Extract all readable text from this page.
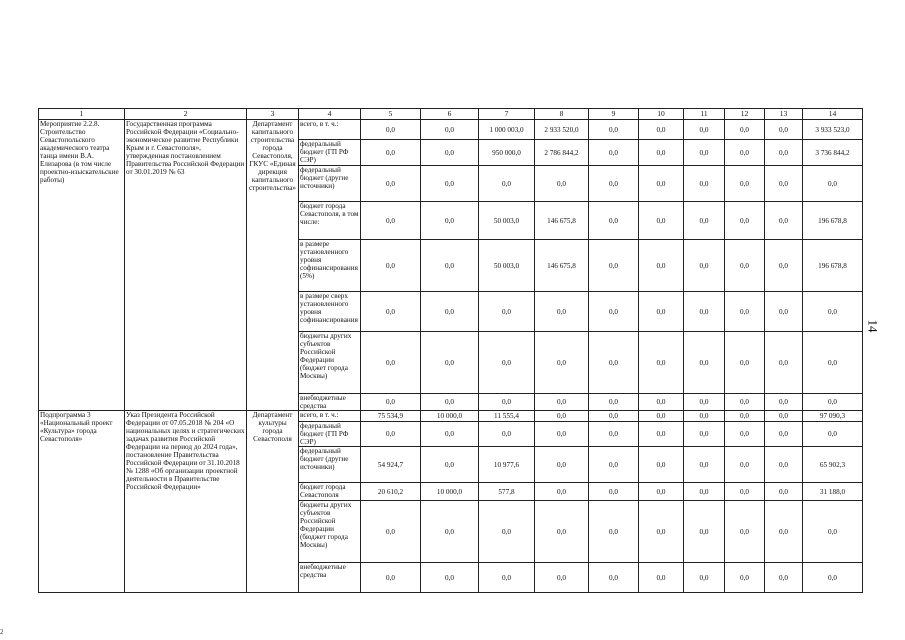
1	2	3	4	5	6	7	8	9	10	11	12	13	14
Мероприятие 2.2.8. Строительство Севастопольского академического театра танца имени В.А. Елизарова (в том числе проектно-изыскательские работы)	Государственная программа Российской Федерации «Социально-экономическое развитие Республики Крым и г. Севастополя», утвержденная постановлением Правительства Российской Федерации от 30.01.2019 № 63	Департамент капитального строительства города Севастополя, ГКУС «Единая дирекция капитального строительства»	всего, в т. ч.:	0,0	0,0	1 000 003,0	2 933 520,0	0,0	0,0	0,0	0,0	0,0	3 933 523,0
			федеральный бюджет (ГП РФ СЭР)	0,0	0,0	950 000,0	2 786 844,2	0,0	0,0	0,0	0,0	0,0	3 736 844,2
			федеральный бюджет (другие источники)	0,0	0,0	0,0	0,0	0,0	0,0	0,0	0,0	0,0	0,0
			бюджет города Севастополя, в том числе:	0,0	0,0	50 003,0	146 675,8	0,0	0,0	0,0	0,0	0,0	196 678,8
			в размере установленного уровня софинансирования (5%)	0,0	0,0	50 003,0	146 675,8	0,0	0,0	0,0	0,0	0,0	196 678,8
			в размере сверх установленного уровня софинансирования	0,0	0,0	0,0	0,0	0,0	0,0	0,0	0,0	0,0	0,0
			бюджеты других субъектов Российской Федерации (бюджет города Москвы)	0,0	0,0	0,0	0,0	0,0	0,0	0,0	0,0	0,0	0,0
			внебюджетные средства	0,0	0,0	0,0	0,0	0,0	0,0	0,0	0,0	0,0	0,0
Подпрограмма 3 «Национальный проект «Культура» города Севастополя»	Указ Президента Российской Федерации от 07.05.2018 № 204 «О национальных целях и стратегических задачах развития Российской Федерации на период до 2024 года», постановление Правительства Российской Федерации от 31.10.2018 № 1288 «Об организации проектной деятельности в Правительстве Российской Федерации»	Департамент культуры города Севастополя	всего, в т. ч.:	75 534,9	10 000,0	11 555,4	0,0	0,0	0,0	0,0	0,0	0,0	97 090,3
			федеральный бюджет (ГП РФ СЭР)	0,0	0,0	0,0	0,0	0,0	0,0	0,0	0,0	0,0	0,0
			федеральный бюджет (другие источники)	54 924,7	0,0	10 977,6	0,0	0,0	0,0	0,0	0,0	0,0	65 902,3
			бюджет города Севастополя	20 610,2	10 000,0	577,8	0,0	0,0	0,0	0,0	0,0	0,0	31 188,0
			бюджеты других субъектов Российской Федерации (бюджет города Москвы)	0,0	0,0	0,0	0,0	0,0	0,0	0,0	0,0	0,0	0,0
			внебюджетные средства	0,0	0,0	0,0	0,0	0,0	0,0	0,0	0,0	0,0	0,0
14
2
